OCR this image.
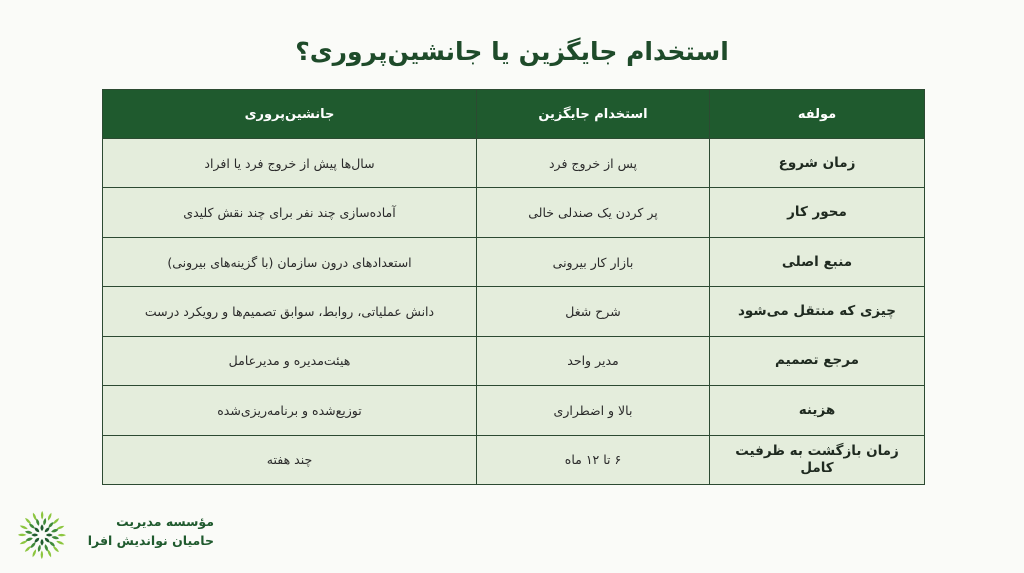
استخدام جایگزین یا جانشین‌پروری؟
مولفه	استخدام جایگزین	جانشین‌پروری
زمان شروع	پس از خروج فرد	سال‌ها پیش از خروج فرد یا افراد
محور کار	پر کردن یک صندلی خالی	آماده‌سازی چند نفر برای چند نقش کلیدی
منبع اصلی	بازار کار بیرونی	استعدادهای درون سازمان (با گزینه‌های بیرونی)
چیزی که منتقل می‌شود	شرح شغل	دانش عملیاتی، روابط، سوابق تصمیم‌ها و رویکرد درست
مرجع تصمیم	مدیر واحد	هیئت‌مدیره و مدیرعامل
هزینه	بالا و اضطراری	توزیع‌شده و برنامه‌ریزی‌شده
زمان بازگشت به ظرفیت کامل	۶ تا ۱۲ ماه	چند هفته
مؤسسه مدیریت
حامیان نواندیش افرا
